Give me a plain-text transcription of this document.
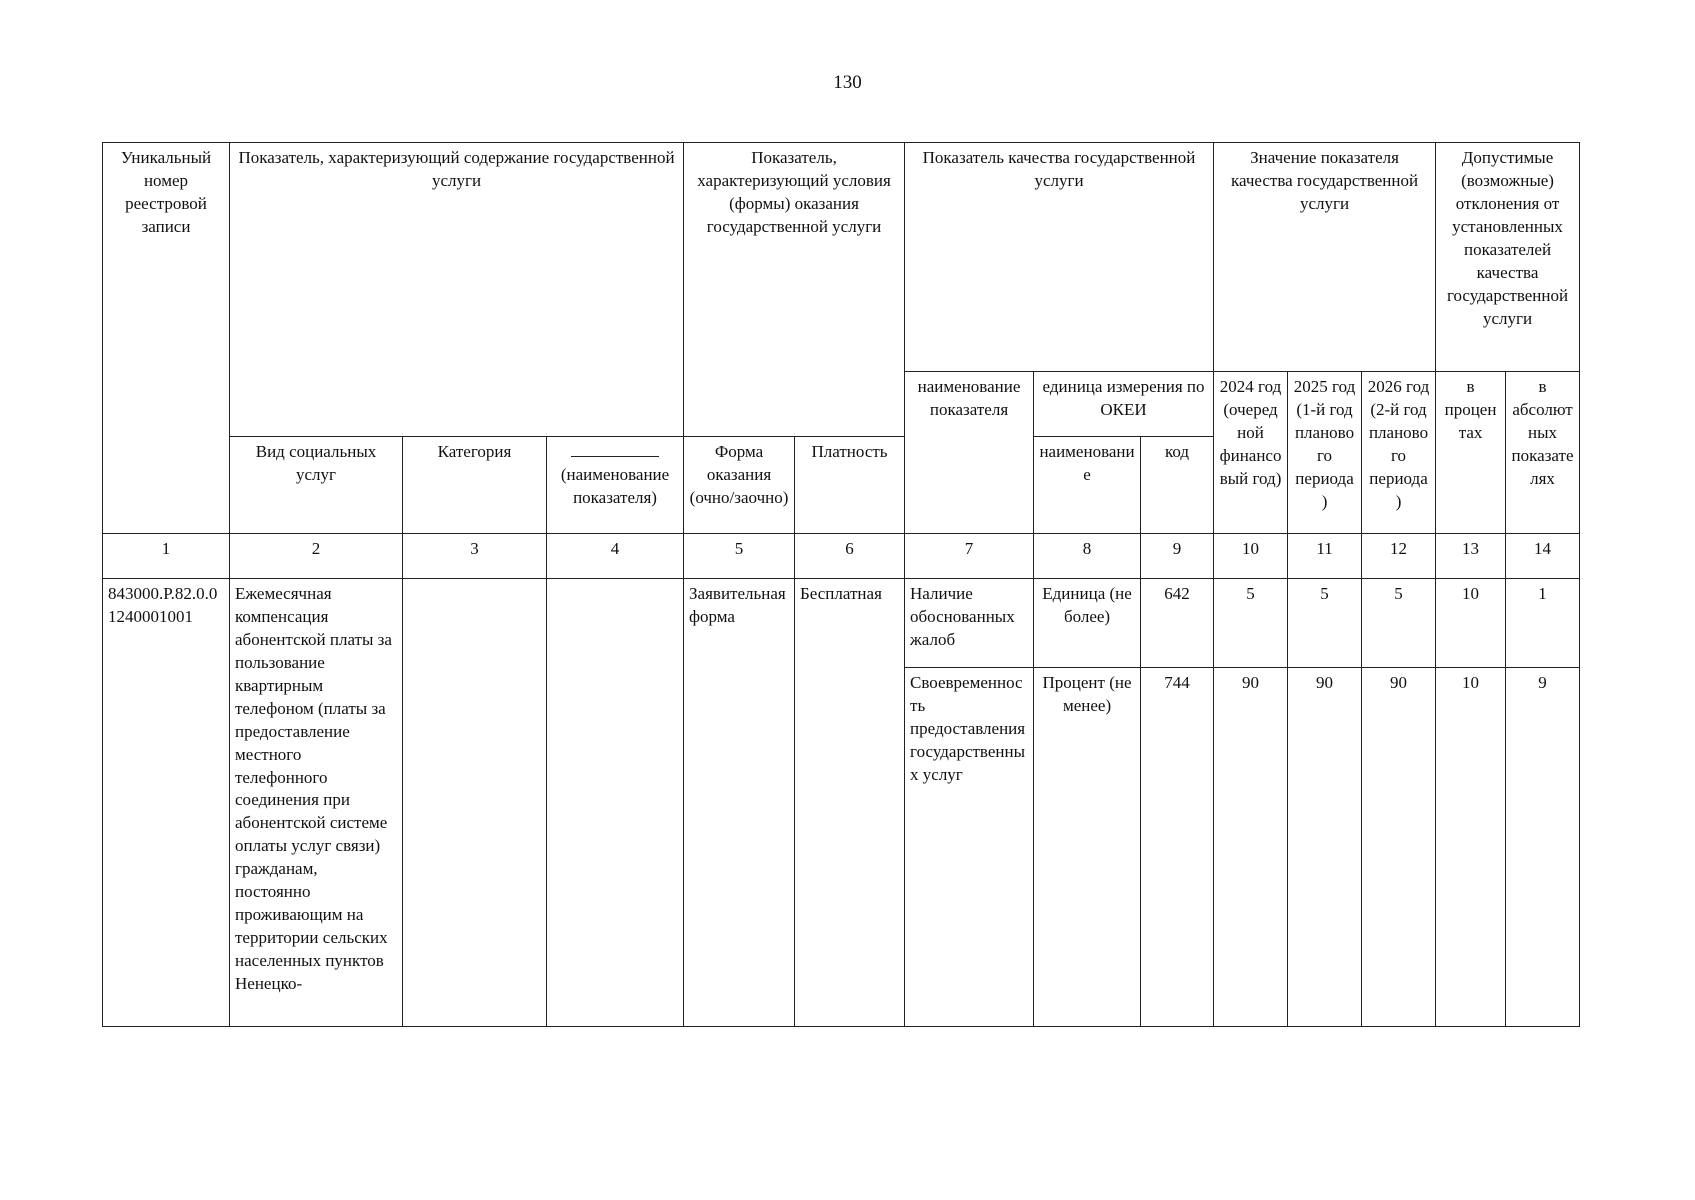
130
Уникальный номер реестровой записи	Показатель, характеризующий содержание государственной услуги			Показатель, характеризующий условия (формы) оказания государственной услуги		Показатель качества государственной услуги			Значение показателя качества государственной услуги			Допустимые (возможные) отклонения от установленных показателей качества государственной услуги	
						наименование показателя	единица измерения по ОКЕИ		2024 год (очередной финансовый год)	2025 год (1-й год планового периода)	2026 год (2-й год планового периода)	в процентах	в абсолютных показателях
							наименование	код					
	Вид социальных услуг	Категория	(наименование показателя)	Форма оказания (очно/заочно)	Платность								
1	2	3	4	5	6	7	8	9	10	11	12	13	14
843000.Р.82.0.01240001001	Ежемесячная компенсация абонентской платы за пользование квартирным телефоном (платы за предоставление местного телефонного соединения при абонентской системе оплаты услуг связи) гражданам, постоянно проживающим на территории сельских населенных пунктов Ненецко-			Заявительная форма	Бесплатная	Наличие обоснованных жалоб	Единица (не более)	642	5	5	5	10	1
						Своевременность предоставления государственных услуг	Процент (не менее)	744	90	90	90	10	9
